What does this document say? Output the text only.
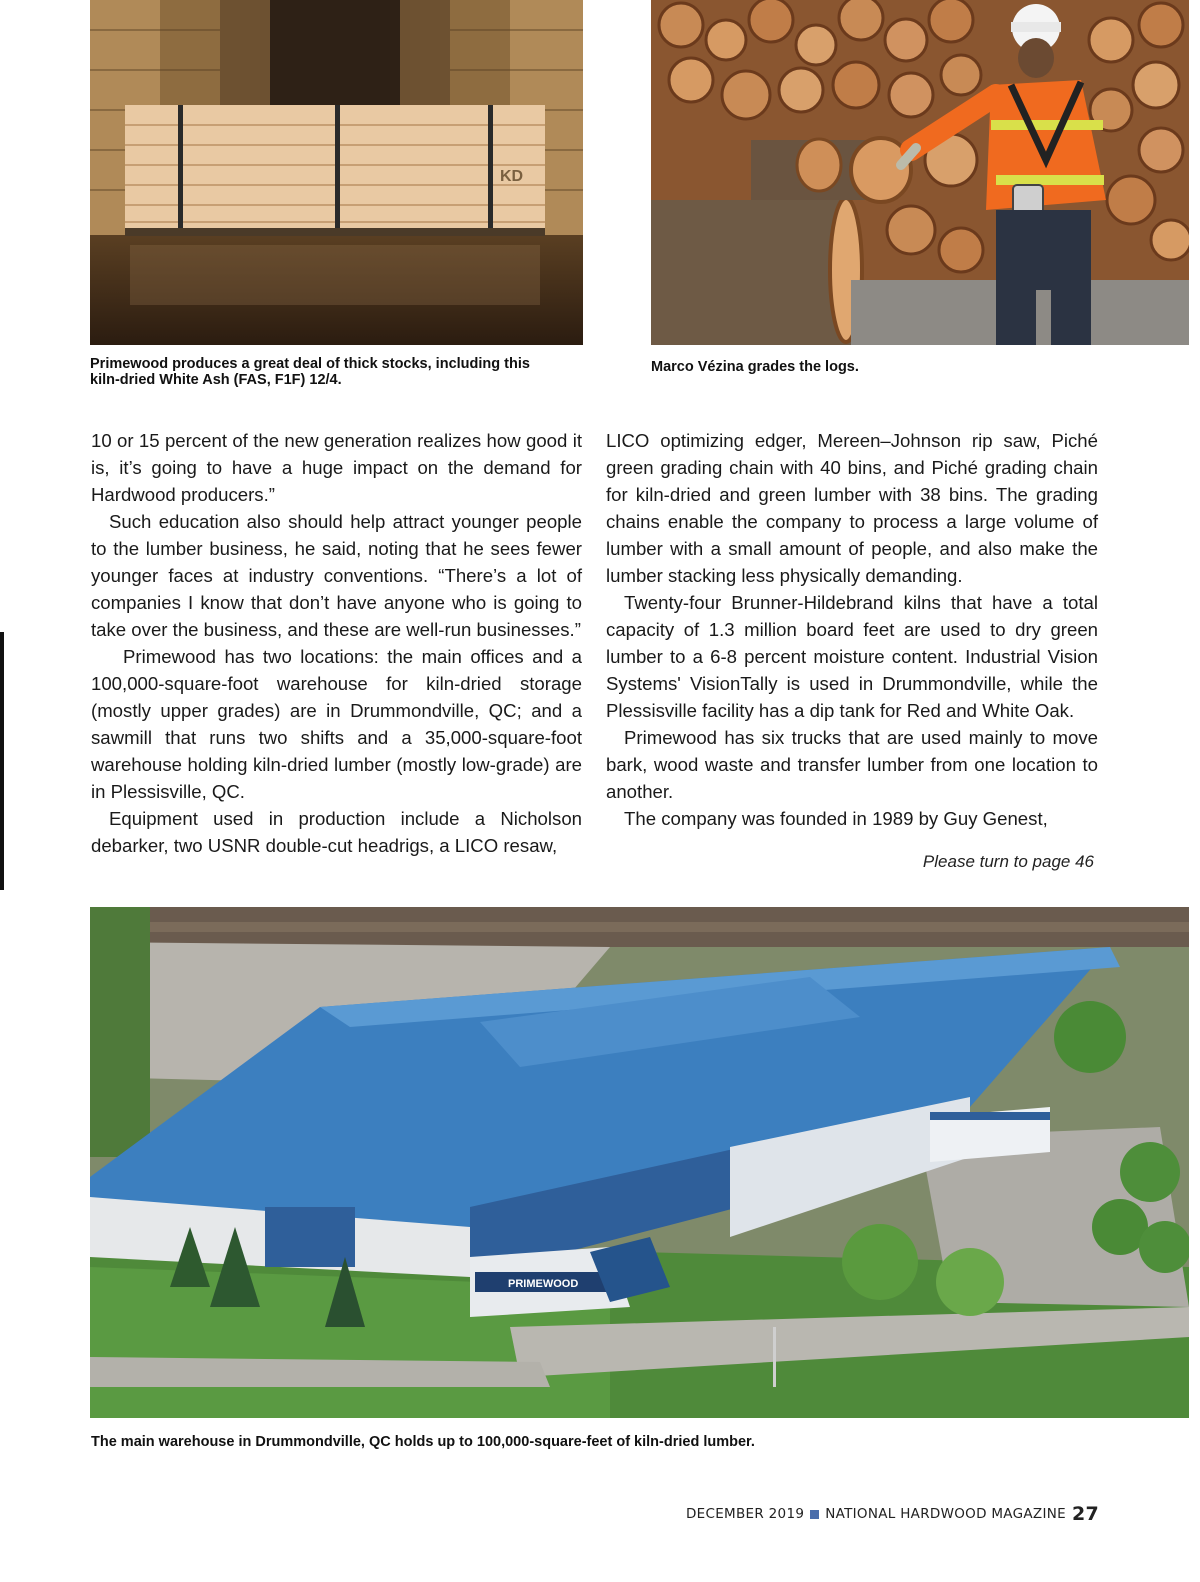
KD
Primewood produces a great deal of thick stocks, including this
kiln-dried White Ash (FAS, F1F) 12/4.
Marco Vézina grades the logs.

10 or 15 percent of the new generation realizes how good it is, it’s going to have a huge impact on the demand for Hardwood producers.”

Such education also should help attract younger people to the lumber business, he said, noting that he sees fewer younger faces at industry conventions. “There’s a lot of companies I know that don’t have anyone who is going to take over the business, and these are well-run businesses.”

Primewood has two locations: the main offices and a 100,000-square-foot warehouse for kiln-dried storage (mostly upper grades) are in Drummondville, QC; and a sawmill that runs two shifts and a 35,000-square-foot warehouse holding kiln-dried lumber (mostly low-grade) are in Plessisville, QC.

Equipment used in production include a Nicholson debarker, two USNR double-cut headrigs, a LICO resaw,

LICO optimizing edger, Mereen–Johnson rip saw, Piché green grading chain with 40 bins, and Piché grading chain for kiln-dried and green lumber with 38 bins. The grading chains enable the company to process a large volume of lumber with a small amount of people, and also make the lumber stacking less physically demanding.

Twenty-four Brunner-Hildebrand kilns that have a total capacity of 1.3 million board feet are used to dry green lumber to a 6-8 percent moisture content. Industrial Vision Systems' VisionTally is used in Drummondville, while the Plessisville facility has a dip tank for Red and White Oak.

Primewood has six trucks that are used mainly to move bark, wood waste and transfer lumber from one location to another.

The company was founded in 1989 by Guy Genest,

Please turn to page 46
PRIMEWOOD
The main warehouse in Drummondville, QC holds up to 100,000-square-feet of kiln-dried lumber.
DECEMBER 2019 NATIONAL HARDWOOD MAGAZINE 27
